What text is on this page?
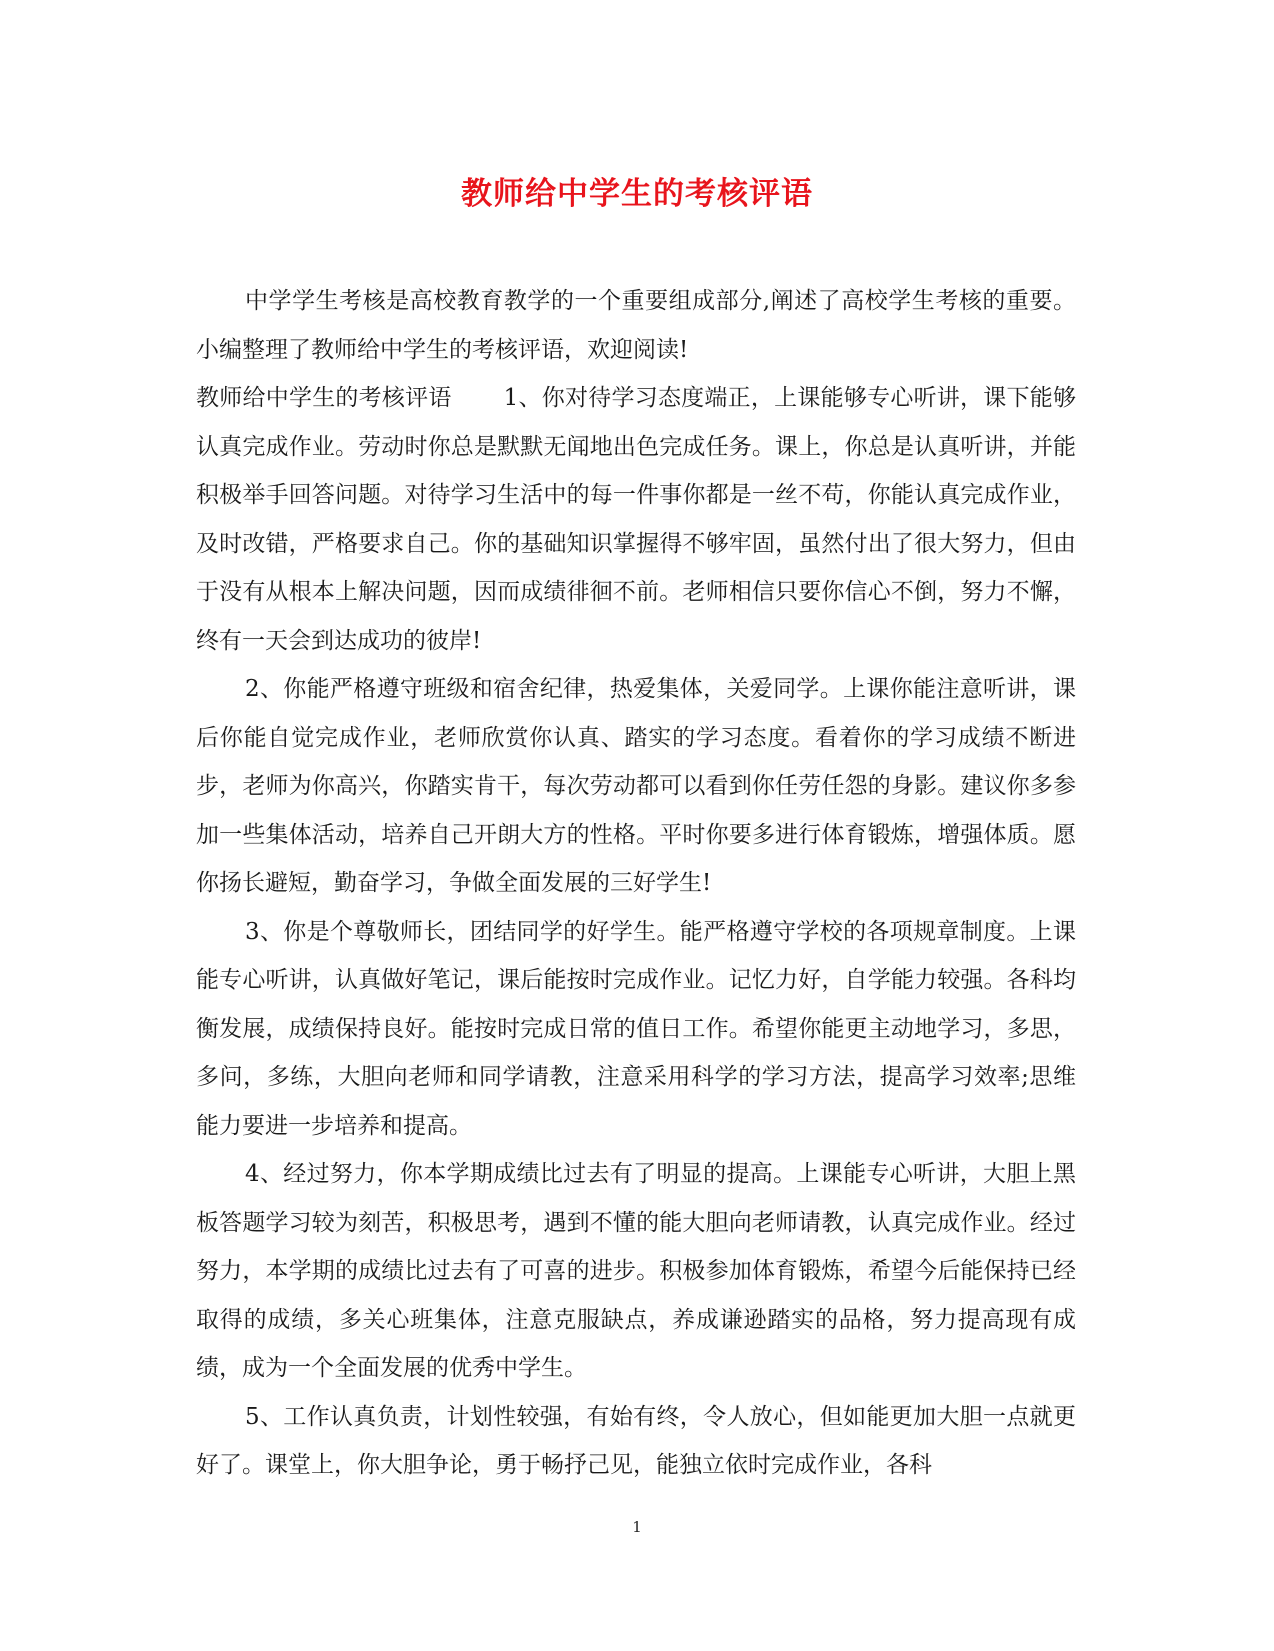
教师给中学生的考核评语

中学学生考核是高校教育教学的一个重要组成部分,阐述了高校学生考核的重要。小编整理了教师给中学生的考核评语，欢迎阅读!

教师给中学生的考核评语 1、你对待学习态度端正，上课能够专心听讲，课下能够认真完成作业。劳动时你总是默默无闻地出色完成任务。课上，你总是认真听讲，并能积极举手回答问题。对待学习生活中的每一件事你都是一丝不苟，你能认真完成作业，及时改错，严格要求自己。你的基础知识掌握得不够牢固，虽然付出了很大努力，但由于没有从根本上解决问题，因而成绩徘徊不前。老师相信只要你信心不倒，努力不懈，终有一天会到达成功的彼岸!

2、你能严格遵守班级和宿舍纪律，热爱集体，关爱同学。上课你能注意听讲，课后你能自觉完成作业，老师欣赏你认真、踏实的学习态度。看着你的学习成绩不断进步，老师为你高兴，你踏实肯干，每次劳动都可以看到你任劳任怨的身影。建议你多参加一些集体活动，培养自己开朗大方的性格。平时你要多进行体育锻炼，增强体质。愿你扬长避短，勤奋学习，争做全面发展的三好学生!

3、你是个尊敬师长，团结同学的好学生。能严格遵守学校的各项规章制度。上课能专心听讲，认真做好笔记，课后能按时完成作业。记忆力好，自学能力较强。各科均衡发展，成绩保持良好。能按时完成日常的值日工作。希望你能更主动地学习，多思，多问，多练，大胆向老师和同学请教，注意采用科学的学习方法，提高学习效率;思维能力要进一步培养和提高。

4、经过努力，你本学期成绩比过去有了明显的提高。上课能专心听讲，大胆上黑板答题学习较为刻苦，积极思考，遇到不懂的能大胆向老师请教，认真完成作业。经过努力，本学期的成绩比过去有了可喜的进步。积极参加体育锻炼，希望今后能保持已经取得的成绩，多关心班集体，注意克服缺点，养成谦逊踏实的品格，努力提高现有成绩，成为一个全面发展的优秀中学生。

5、工作认真负责，计划性较强，有始有终，令人放心，但如能更加大胆一点就更好了。课堂上，你大胆争论，勇于畅抒己见，能独立依时完成作业，各科

1
